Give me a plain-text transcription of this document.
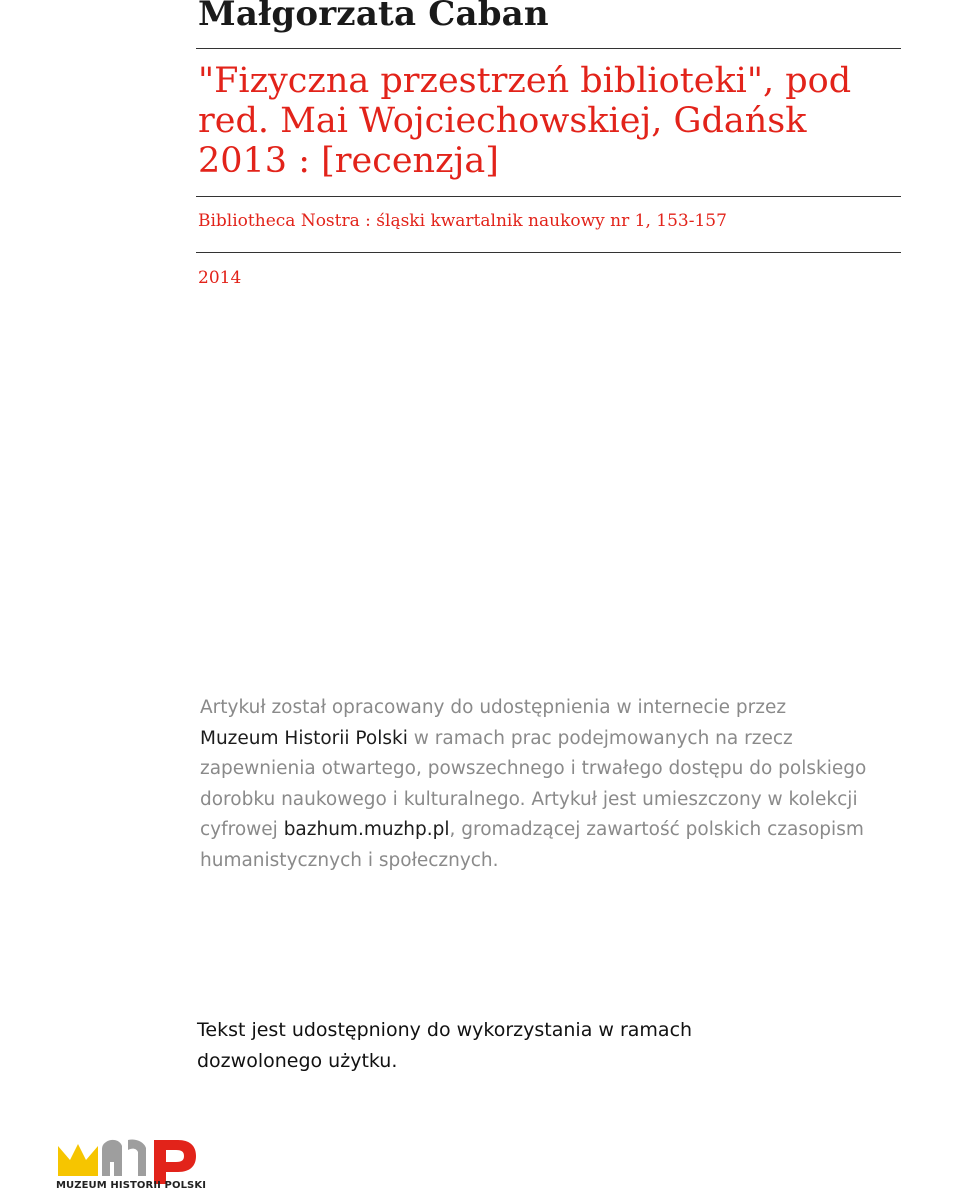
Małgorzata Caban
"Fizyczna przestrzeń biblioteki", pod red. Mai Wojciechowskiej, Gdańsk 2013 : [recenzja]
Bibliotheca Nostra : śląski kwartalnik naukowy nr 1, 153-157
2014

Artykuł został opracowany do udostępnienia w internecie przez
Muzeum Historii Polski w ramach prac podejmowanych na rzecz zapewnienia otwartego, powszechnego i trwałego dostępu do polskiego dorobku naukowego i kulturalnego. Artykuł jest umieszczony w kolekcji cyfrowej bazhum.muzhp.pl, gromadzącej zawartość polskich czasopism humanistycznych i społecznych.

Tekst jest udostępniony do wykorzystania w ramach dozwolonego użytku.

MUZEUM HISTORII POLSKI
